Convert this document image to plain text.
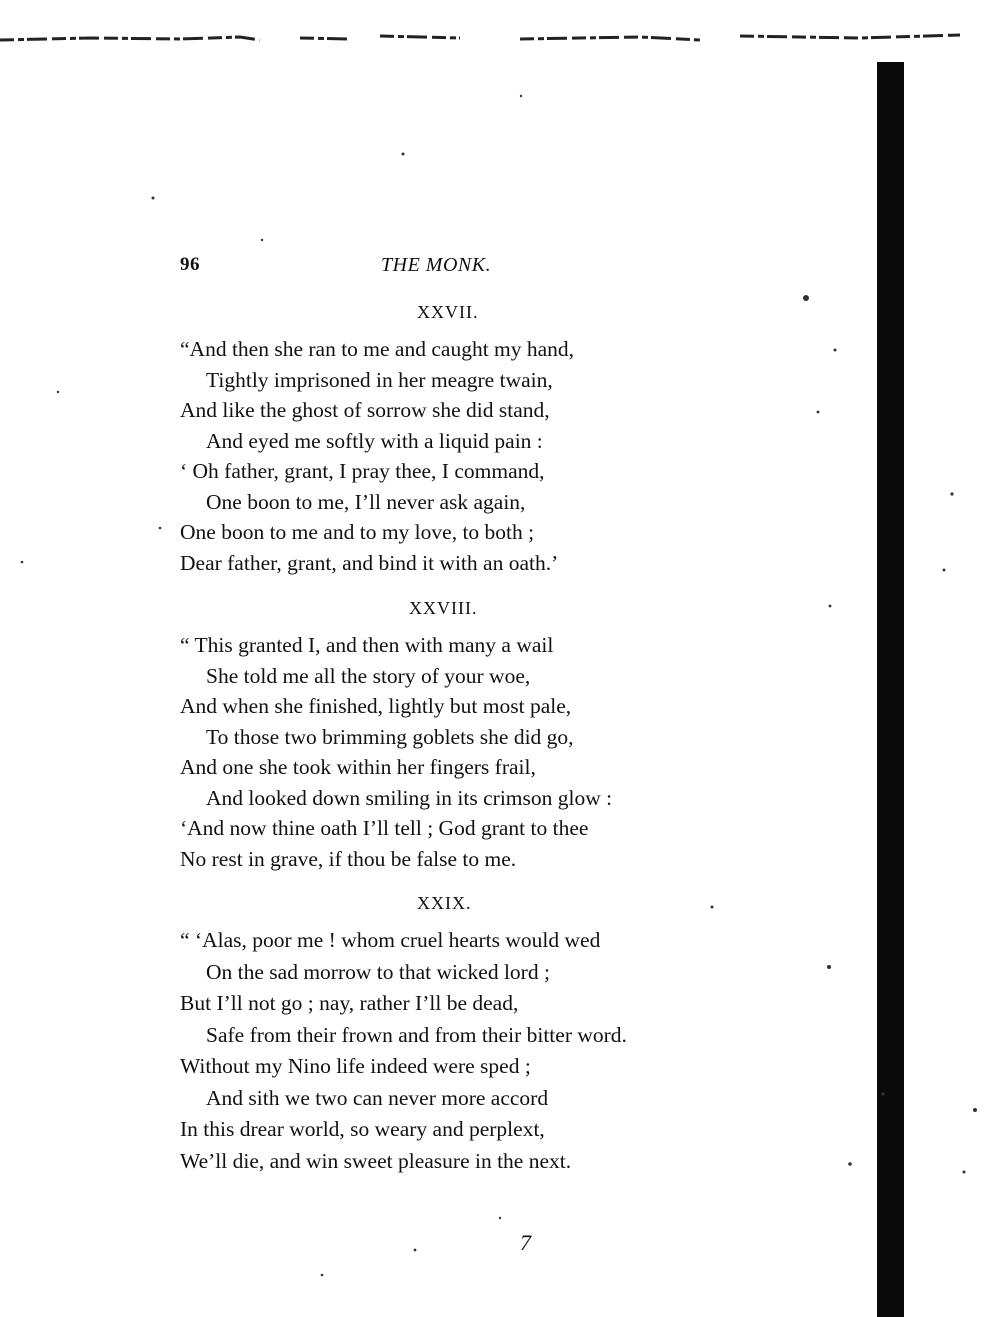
96	THE MONK.
XXVII.
“And then she ran to me and caught my hand,
Tightly imprisoned in her meagre twain,
And like the ghost of sorrow she did stand,
And eyed me softly with a liquid pain :
‘ Oh father, grant, I pray thee, I command,
One boon to me, I’ll never ask again,
One boon to me and to my love, to both ;
Dear father, grant, and bind it with an oath.’
XXVIII.
“ This granted I, and then with many a wail
She told me all the story of your woe,
And when she finished, lightly but most pale,
To those two brimming goblets she did go,
And one she took within her fingers frail,
And looked down smiling in its crimson glow :
‘And now thine oath I’ll tell ; God grant to thee
No rest in grave, if thou be false to me.
XXIX.
“ ‘Alas, poor me ! whom cruel hearts would wed
On the sad morrow to that wicked lord ;
But I’ll not go ; nay, rather I’ll be dead,
Safe from their frown and from their bitter word.
Without my Nino life indeed were sped ;
And sith we two can never more accord
In this drear world, so weary and perplext,
We’ll die, and win sweet pleasure in the next.
7
